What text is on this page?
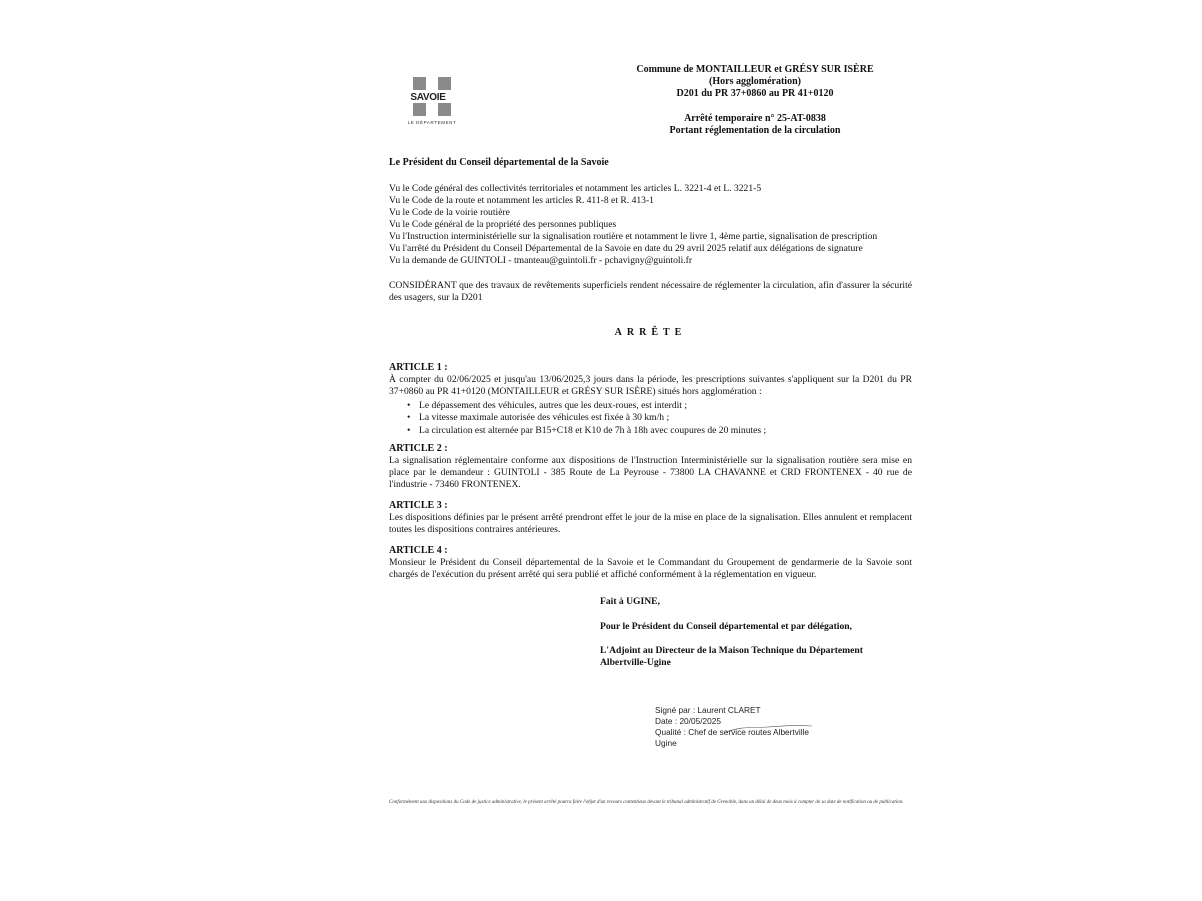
SAVOIE
LE DÉPARTEMENT
Commune de MONTAILLEUR et GRÉSY SUR ISÈRE
(Hors agglomération)
D201 du PR 37+0860 au PR 41+0120
Arrêté temporaire n° 25-AT-0838
Portant réglementation de la circulation
Le Président du Conseil départemental de la Savoie
Vu le Code général des collectivités territoriales et notamment les articles L. 3221-4 et L. 3221-5
Vu le Code de la route et notamment les articles R. 411-8 et R. 413-1
Vu le Code de la voirie routière
Vu le Code général de la propriété des personnes publiques
Vu l'Instruction interministérielle sur la signalisation routière et notamment le livre 1, 4ème partie, signalisation de prescription
Vu l'arrêté du Président du Conseil Départemental de la Savoie en date du 29 avril 2025 relatif aux délégations de signature
Vu la demande de GUINTOLI - tmanteau@guintoli.fr - pchavigny@guintoli.fr
CONSIDÉRANT que des travaux de revêtements superficiels rendent nécessaire de réglementer la circulation, afin d'assurer la sécurité des usagers, sur la D201
ARRÊTE
ARTICLE 1 :
À compter du 02/06/2025 et jusqu'au 13/06/2025,3 jours dans la période, les prescriptions suivantes s'appliquent sur la D201 du PR 37+0860 au PR 41+0120 (MONTAILLEUR et GRÉSY SUR ISÈRE) situés hors agglomération :
• Le dépassement des véhicules, autres que les deux-roues, est interdit ;
• La vitesse maximale autorisée des véhicules est fixée à 30 km/h ;
• La circulation est alternée par B15+C18 et K10 de 7h à 18h avec coupures de 20 minutes ;
ARTICLE 2 :
La signalisation réglementaire conforme aux dispositions de l'Instruction Interministérielle sur la signalisation routière sera mise en place par le demandeur : GUINTOLI - 385 Route de La Peyrouse - 73800 LA CHAVANNE et CRD FRONTENEX - 40 rue de l'industrie - 73460 FRONTENEX.
ARTICLE 3 :
Les dispositions définies par le présent arrêté prendront effet le jour de la mise en place de la signalisation. Elles annulent et remplacent toutes les dispositions contraires antérieures.
ARTICLE 4 :
Monsieur le Président du Conseil départemental de la Savoie et le Commandant du Groupement de gendarmerie de la Savoie sont chargés de l'exécution du présent arrêté qui sera publié et affiché conformément à la réglementation en vigueur.
Fait à UGINE,
Pour le Président du Conseil départemental et par délégation,
L'Adjoint au Directeur de la Maison Technique du Département
Albertville-Ugine
Signé par : Laurent CLARET
Date : 20/05/2025
Qualité : Chef de service routes Albertville
Ugine
Conformément aux dispositions du Code de justice administrative, le présent arrêté pourra faire l'objet d'un recours contentieux devant le tribunal administratif de Grenoble, dans un délai de deux mois à compter de sa date de notification ou de publication.
